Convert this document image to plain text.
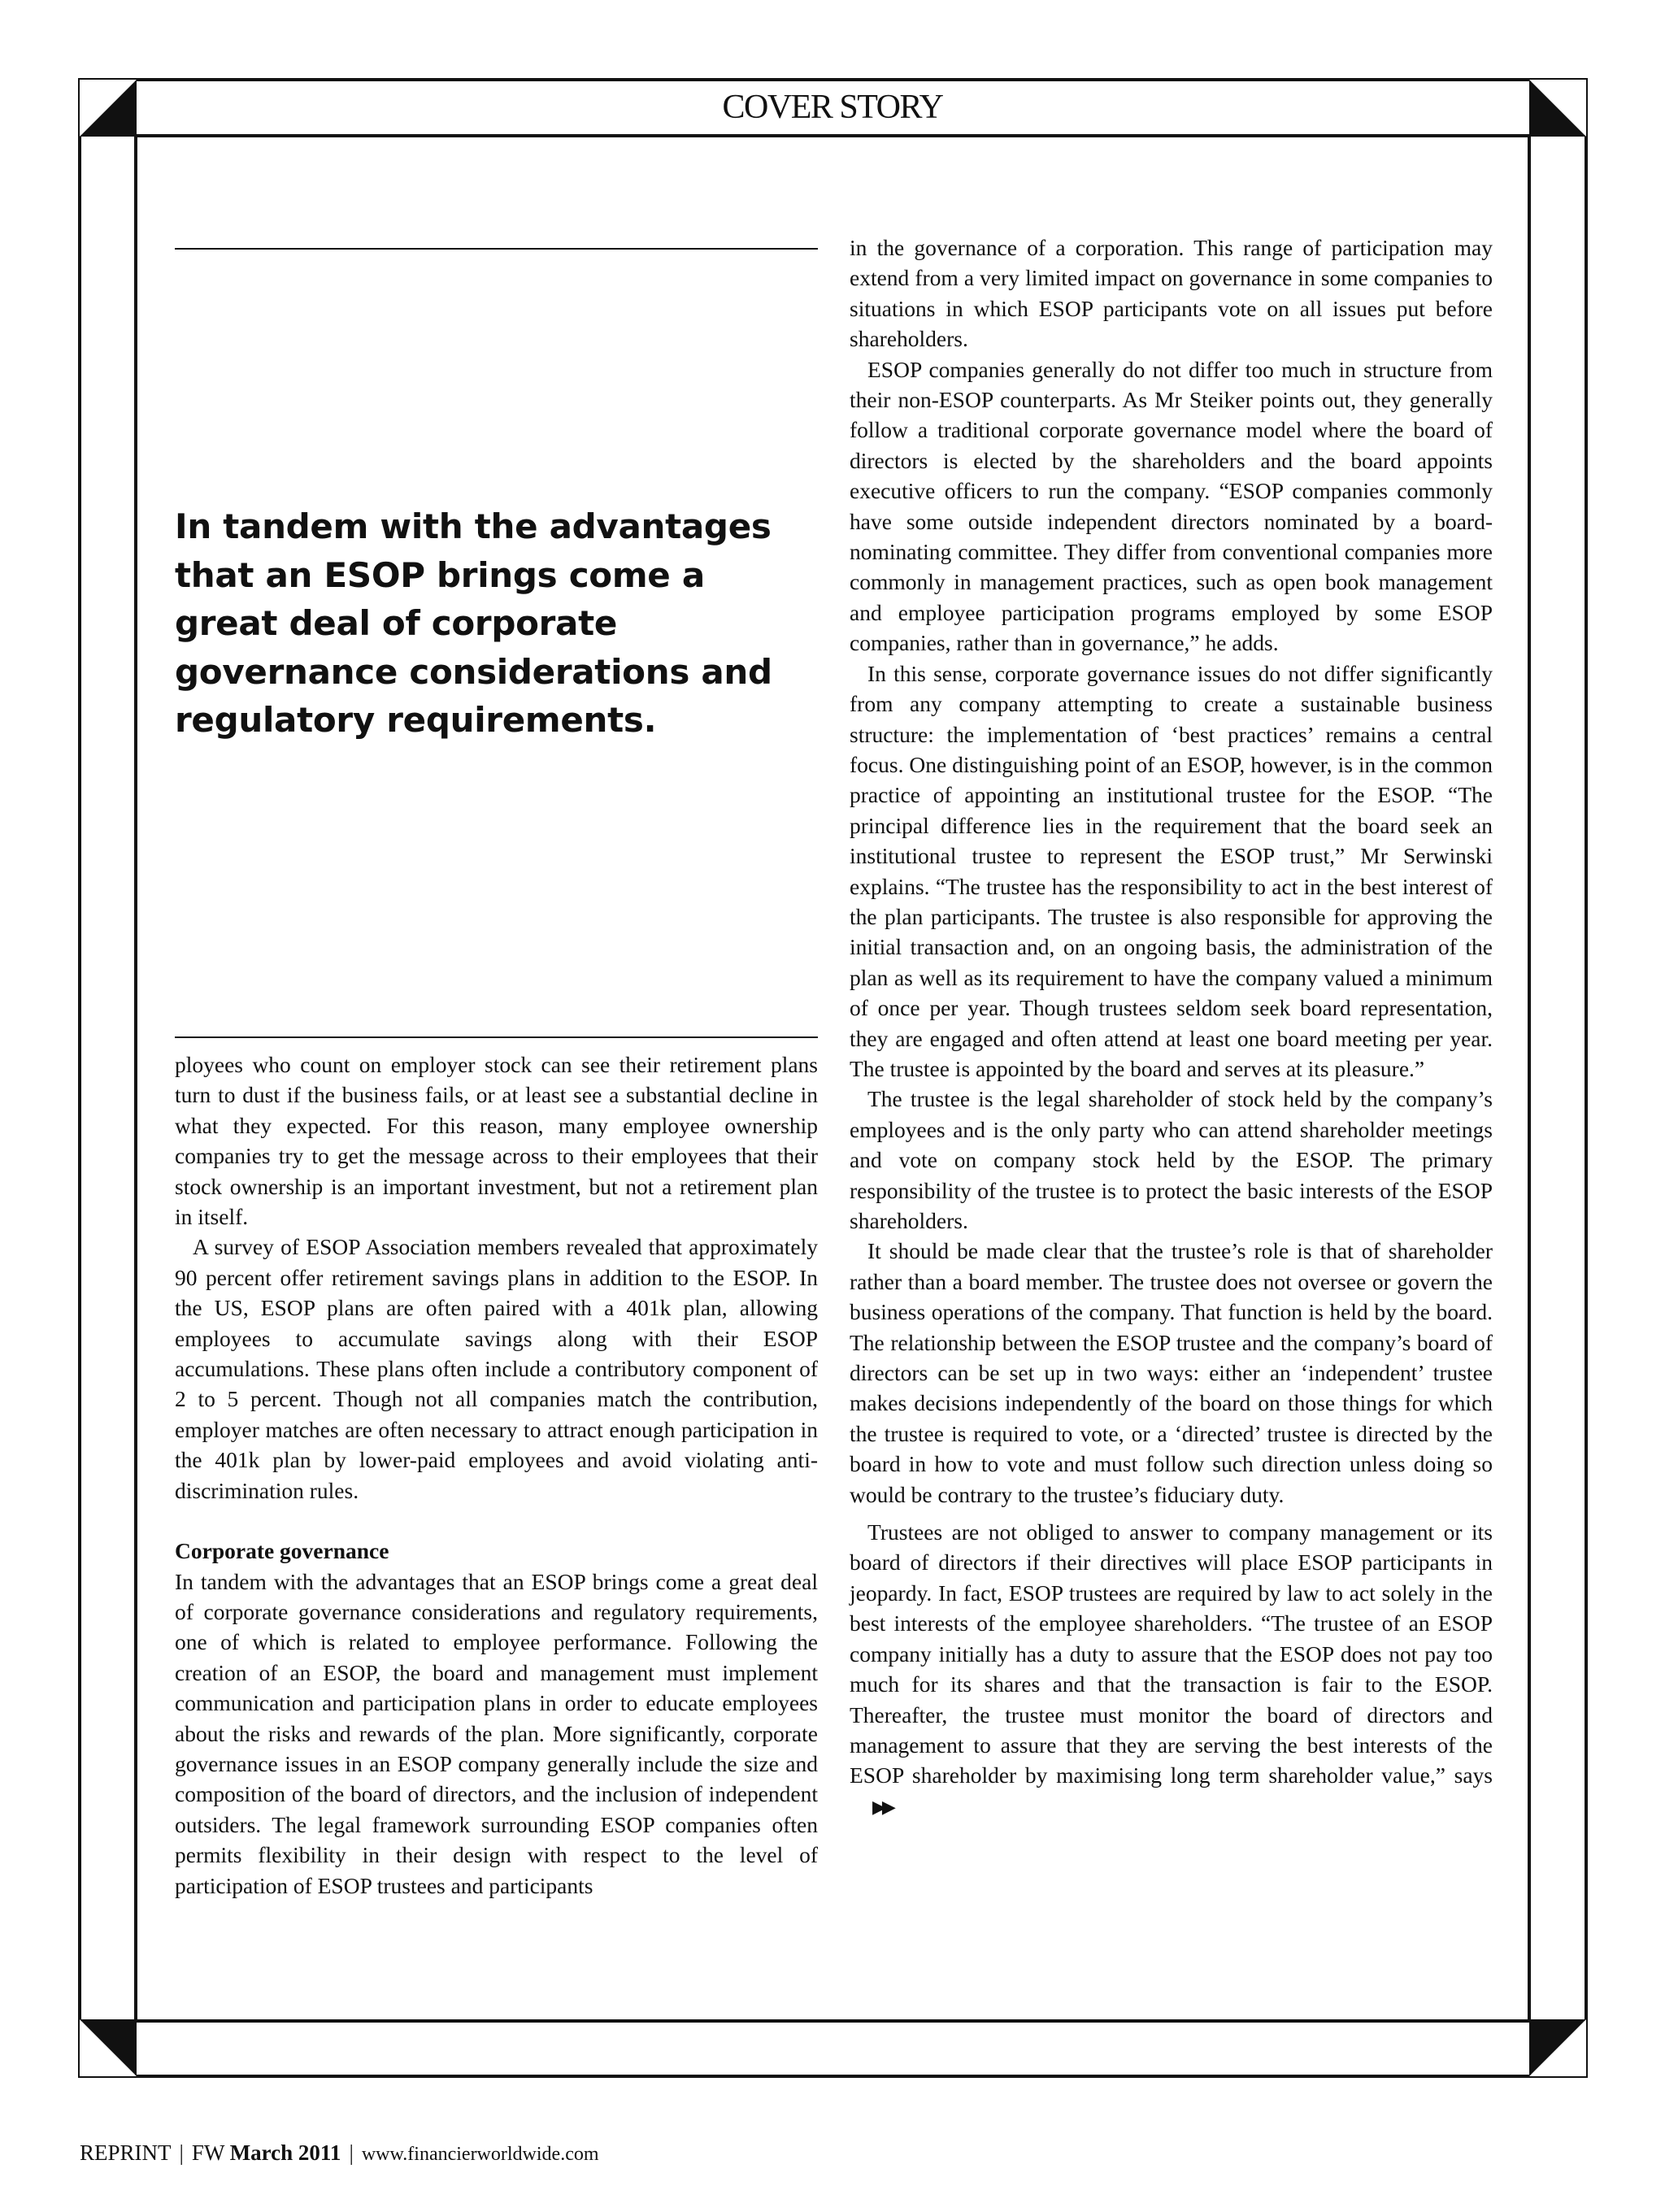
COVER STORY

In tandem with the advantages that an ESOP brings come a great deal of corporate governance considerations and regulatory requirements.

ployees who count on employer stock can see their retirement plans turn to dust if the business fails, or at least see a substantial decline in what they expected. For this reason, many employee ownership companies try to get the message across to their employees that their stock ownership is an important investment, but not a retirement plan in itself.

A survey of ESOP Association members revealed that approximately 90 percent offer retirement savings plans in addition to the ESOP. In the US, ESOP plans are often paired with a 401k plan, allowing employees to accumulate savings along with their ESOP accumulations. These plans often include a contributory component of 2 to 5 percent. Though not all companies match the contribution, employer matches are often necessary to attract enough participation in the 401k plan by lower-paid employees and avoid violating anti-discrimination rules.

Corporate governance

In tandem with the advantages that an ESOP brings come a great deal of corporate governance considerations and regulatory requirements, one of which is related to employee performance. Following the creation of an ESOP, the board and management must implement communication and participation plans in order to educate employees about the risks and rewards of the plan. More significantly, corporate governance issues in an ESOP company generally include the size and composition of the board of directors, and the inclusion of independent outsiders. The legal framework surrounding ESOP companies often permits flexibility in their design with respect to the level of participation of ESOP trustees and participants

in the governance of a corporation. This range of participation may extend from a very limited impact on governance in some companies to situations in which ESOP participants vote on all issues put before shareholders.

ESOP companies generally do not differ too much in structure from their non-ESOP counterparts. As Mr Steiker points out, they generally follow a traditional corporate governance model where the board of directors is elected by the shareholders and the board appoints executive officers to run the company. “ESOP companies commonly have some outside independent directors nominated by a board-nominating committee. They differ from conventional companies more commonly in management practices, such as open book management and employee participation programs employed by some ESOP companies, rather than in governance,” he adds.

In this sense, corporate governance issues do not differ significantly from any company attempting to create a sustainable business structure: the implementation of ‘best practices’ remains a central focus. One distinguishing point of an ESOP, however, is in the common practice of appointing an institutional trustee for the ESOP. “The principal difference lies in the requirement that the board seek an institutional trustee to represent the ESOP trust,” Mr Serwinski explains. “The trustee has the responsibility to act in the best interest of the plan participants. The trustee is also responsible for approving the initial transaction and, on an ongoing basis, the administration of the plan as well as its requirement to have the company valued a minimum of once per year. Though trustees seldom seek board representation, they are engaged and often attend at least one board meeting per year. The trustee is appointed by the board and serves at its pleasure.”

The trustee is the legal shareholder of stock held by the company’s employees and is the only party who can attend shareholder meetings and vote on company stock held by the ESOP. The primary responsibility of the trustee is to protect the basic interests of the ESOP shareholders.

It should be made clear that the trustee’s role is that of shareholder rather than a board member. The trustee does not oversee or govern the business operations of the company. That function is held by the board. The relationship between the ESOP trustee and the company’s board of directors can be set up in two ways: either an ‘independent’ trustee makes decisions independently of the board on those things for which the trustee is required to vote, or a ‘directed’ trustee is directed by the board in how to vote and must follow such direction unless doing so would be contrary to the trustee’s fiduciary duty.

Trustees are not obliged to answer to company management or its board of directors if their directives will place ESOP participants in jeopardy. In fact, ESOP trustees are required by law to act solely in the best interests of the employee shareholders. “The trustee of an ESOP company initially has a duty to assure that the ESOP does not pay too much for its shares and that the transaction is fair to the ESOP. Thereafter, the trustee must monitor the board of directors and management to assure that they are serving the best interests of the ESOP shareholder by maximising long term shareholder value,” says▶▶

REPRINT | FW March 2011 | www.financierworldwide.com
